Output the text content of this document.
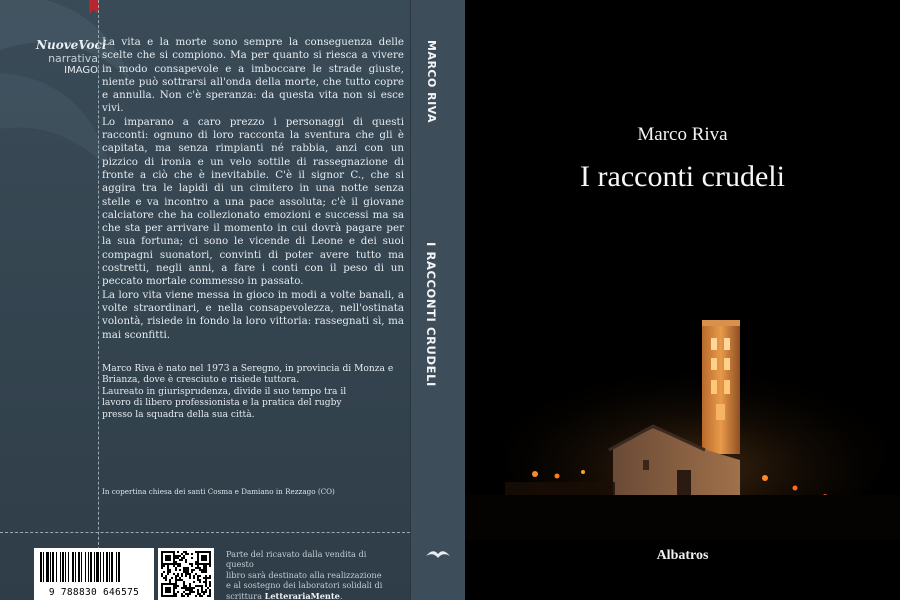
NuoveVoci
narrativa
IMAGO

La vita e la morte sono sempre la conseguenza delle scelte che si compiono. Ma per quanto si riesca a vivere in modo consapevole e a imboccare le strade giuste, niente può sottrarsi all'onda della morte, che tutto copre e annulla. Non c'è speranza: da questa vita non si esce vivi.

Lo imparano a caro prezzo i personaggi di questi racconti: ognuno di loro racconta la sventura che gli è capitata, ma senza rimpianti né rabbia, anzi con un pizzico di ironia e un velo sottile di rassegnazione di fronte a ciò che è inevitabile. C'è il signor C., che si aggira tra le lapidi di un cimitero in una notte senza stelle e va incontro a una pace assoluta; c'è il giovane calciatore che ha collezionato emozioni e successi ma sa che sta per arrivare il momento in cui dovrà pagare per la sua fortuna; ci sono le vicende di Leone e dei suoi compagni suonatori, convinti di poter avere tutto ma costretti, negli anni, a fare i conti con il peso di un peccato mortale commesso in passato.

La loro vita viene messa in gioco in modi a volte banali, a volte straordinari, e nella consapevolezza, nell'ostinata volontà, risiede in fondo la loro vittoria: rassegnati sì, ma mai sconfitti.

Marco Riva è nato nel 1973 a Seregno, in provincia di Monza e Brianza, dove è cresciuto e risiede tuttora.
Laureato in giurisprudenza, divide il suo tempo tra il
lavoro di libero professionista e la pratica del rugby
presso la squadra della sua città.
In copertina chiesa dei santi Cosma e Damiano in Rezzago (CO)
9 788830 646575
Parte del ricavato dalla vendita di questo
libro sarà destinato alla realizzazione
e al sostegno dei laboratori solidali di
scrittura LetterariaMente.
MARCO RIVA
I RACCONTI CRUDELI
Marco Riva
I racconti crudeli
Albatros
